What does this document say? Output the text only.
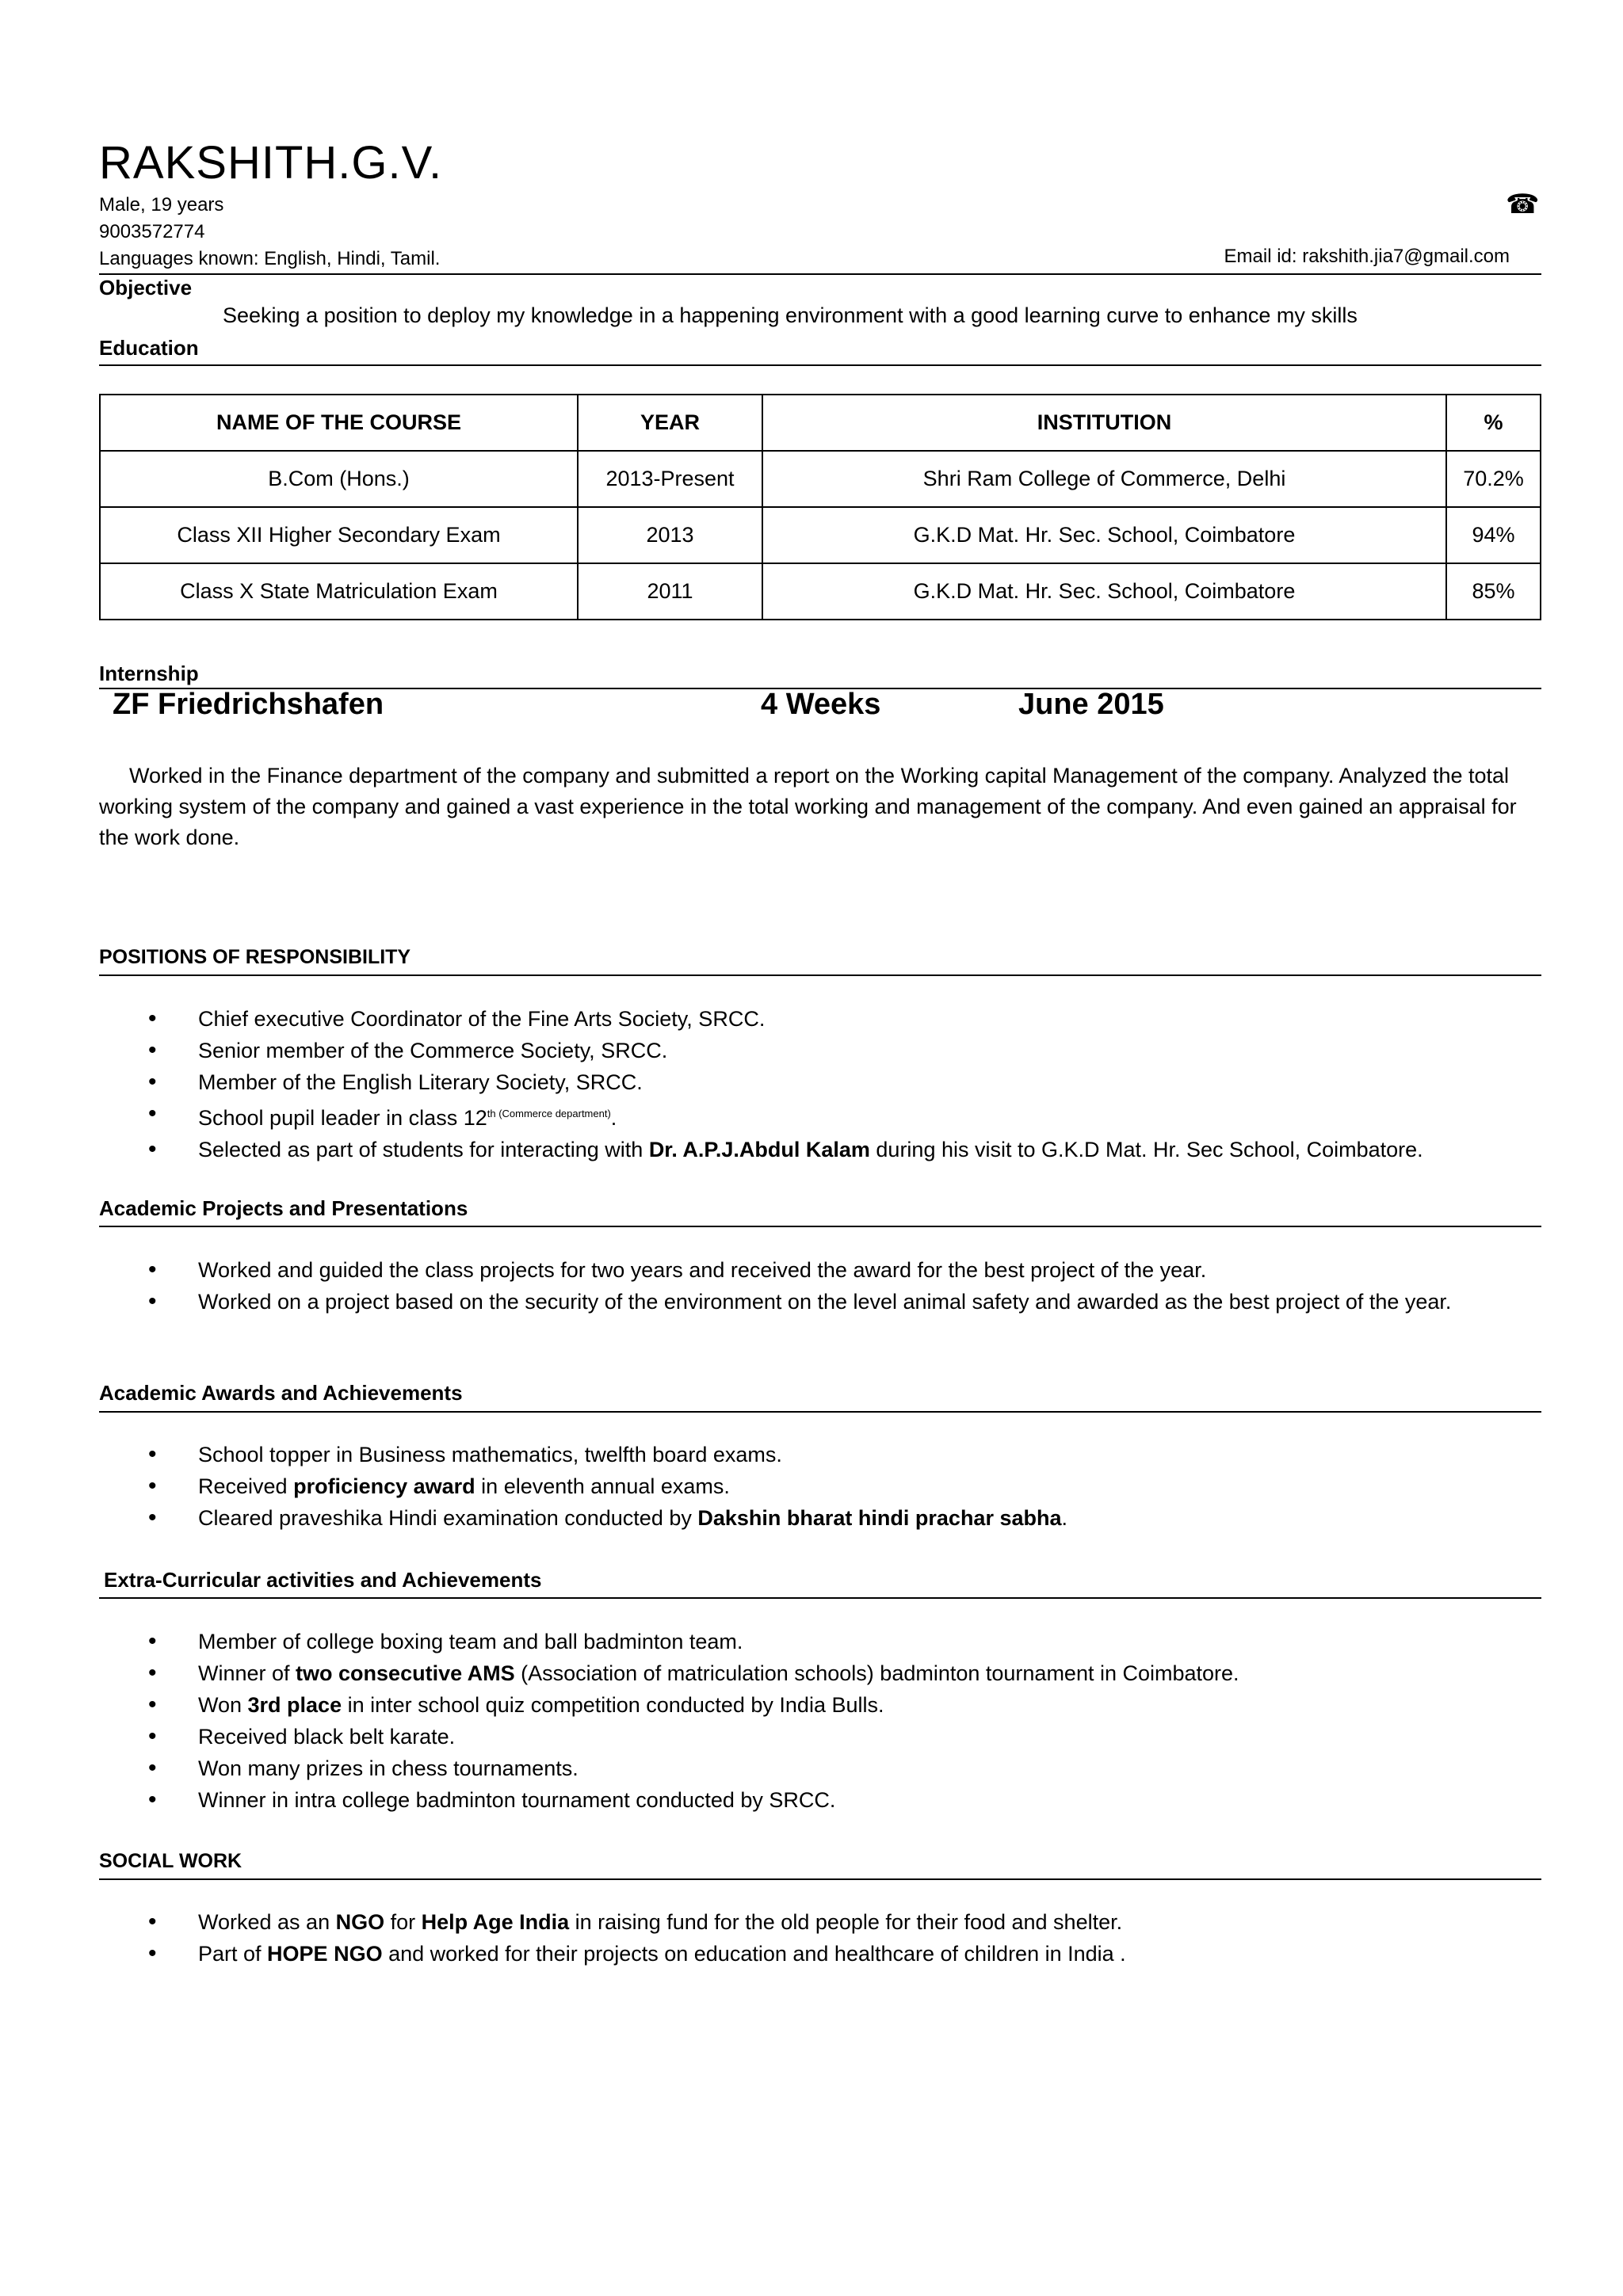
RAKSHITH.G.V.
Male, 19 years
9003572774
☎
Languages known: English, Hindi, Tamil.	Email id: rakshith.jia7@gmail.com
Objective
Seeking a position to deploy my knowledge in a happening environment with a good learning curve to enhance my skills
Education
NAME OF THE COURSE	YEAR	INSTITUTION	%
B.Com (Hons.)	2013-Present	Shri Ram College of Commerce, Delhi	70.2%
Class XII Higher Secondary Exam	2013	G.K.D Mat. Hr. Sec. School, Coimbatore	94%
Class X State Matriculation Exam	2011	G.K.D Mat. Hr. Sec. School, Coimbatore	85%
Internship
ZF Friedrichshafen	4 Weeks	June 2015
Worked in the Finance department of the company and submitted a report on the Working capital Management of the company. Analyzed the total working system of the company and gained a vast experience in the total working and management of the company. And even gained an appraisal for the work done.
POSITIONS OF RESPONSIBILITY
• Chief executive Coordinator of the Fine Arts Society, SRCC.
• Senior member of the Commerce Society, SRCC.
• Member of the English Literary Society, SRCC.
• School pupil leader in class $12^{th (Commerce department)}$.
• Selected as part of students for interacting with Dr. A.P.J.Abdul Kalam during his visit to G.K.D Mat. Hr. Sec School, Coimbatore.
Academic Projects and Presentations
• Worked and guided the class projects for two years and received the award for the best project of the year.
• Worked on a project based on the security of the environment on the level animal safety and awarded as the best project of the year.
Academic Awards and Achievements
• School topper in Business mathematics, twelfth board exams.
• Received proficiency award in eleventh annual exams.
• Cleared praveshika Hindi examination conducted by Dakshin bharat hindi prachar sabha.
Extra-Curricular activities and Achievements
• Member of college boxing team and ball badminton team.
• Winner of two consecutive AMS (Association of matriculation schools) badminton tournament in Coimbatore.
• Won 3rd place in inter school quiz competition conducted by India Bulls.
• Received black belt karate.
• Won many prizes in chess tournaments.
• Winner in intra college badminton tournament conducted by SRCC.
SOCIAL WORK
• Worked as an NGO for Help Age India in raising fund for the old people for their food and shelter.
• Part of HOPE NGO and worked for their projects on education and healthcare of children in India .
